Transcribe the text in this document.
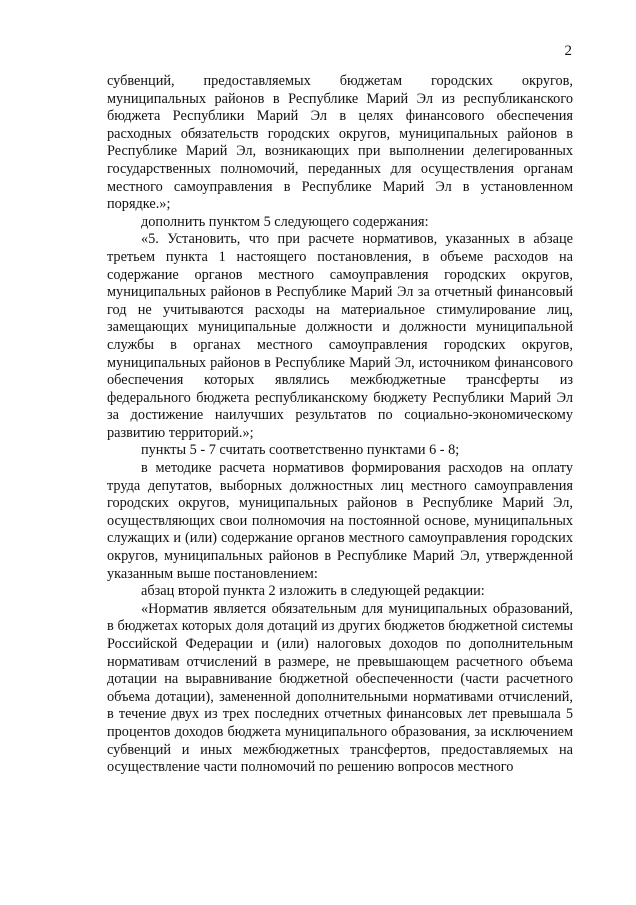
2

субвенций, предоставляемых бюджетам городских округов, муниципальных районов в Республике Марий Эл из республиканского бюджета Республики Марий Эл в целях финансового обеспечения расходных обязательств городских округов, муниципальных районов в Республике Марий Эл, возникающих при выполнении делегированных государственных полномочий, переданных для осуществления органам местного самоуправления в Республике Марий Эл в установленном порядке.»;

дополнить пунктом 5 следующего содержания:

«5. Установить, что при расчете нормативов, указанных в абзаце третьем пункта 1 настоящего постановления, в объеме расходов на содержание органов местного самоуправления городских округов, муниципальных районов в Республике Марий Эл за отчетный финансовый год не учитываются расходы на материальное стимулирование лиц, замещающих муниципальные должности и должности муниципальной службы в органах местного самоуправления городских округов, муниципальных районов в Республике Марий Эл, источником финансового обеспечения которых являлись межбюджетные трансферты из федерального бюджета республиканскому бюджету Республики Марий Эл за достижение наилучших результатов по социально-экономическому развитию территорий.»;

пункты 5 - 7 считать соответственно пунктами 6 - 8;

в методике расчета нормативов формирования расходов на оплату труда депутатов, выборных должностных лиц местного самоуправления городских округов, муниципальных районов в Республике Марий Эл, осуществляющих свои полномочия на постоянной основе, муниципальных служащих и (или) содержание органов местного самоуправления городских округов, муниципальных районов в Республике Марий Эл, утвержденной указанным выше постановлением:

абзац второй пункта 2 изложить в следующей редакции:

«Норматив является обязательным для муниципальных образований, в бюджетах которых доля дотаций из других бюджетов бюджетной системы Российской Федерации и (или) налоговых доходов по дополнительным нормативам отчислений в размере, не превышающем расчетного объема дотации на выравнивание бюджетной обеспеченности (части расчетного объема дотации), замененной дополнительными нормативами отчислений, в течение двух из трех последних отчетных финансовых лет превышала 5 процентов доходов бюджета муниципального образования, за исключением субвенций и иных межбюджетных трансфертов, предоставляемых на осуществление части полномочий по решению вопросов местного
